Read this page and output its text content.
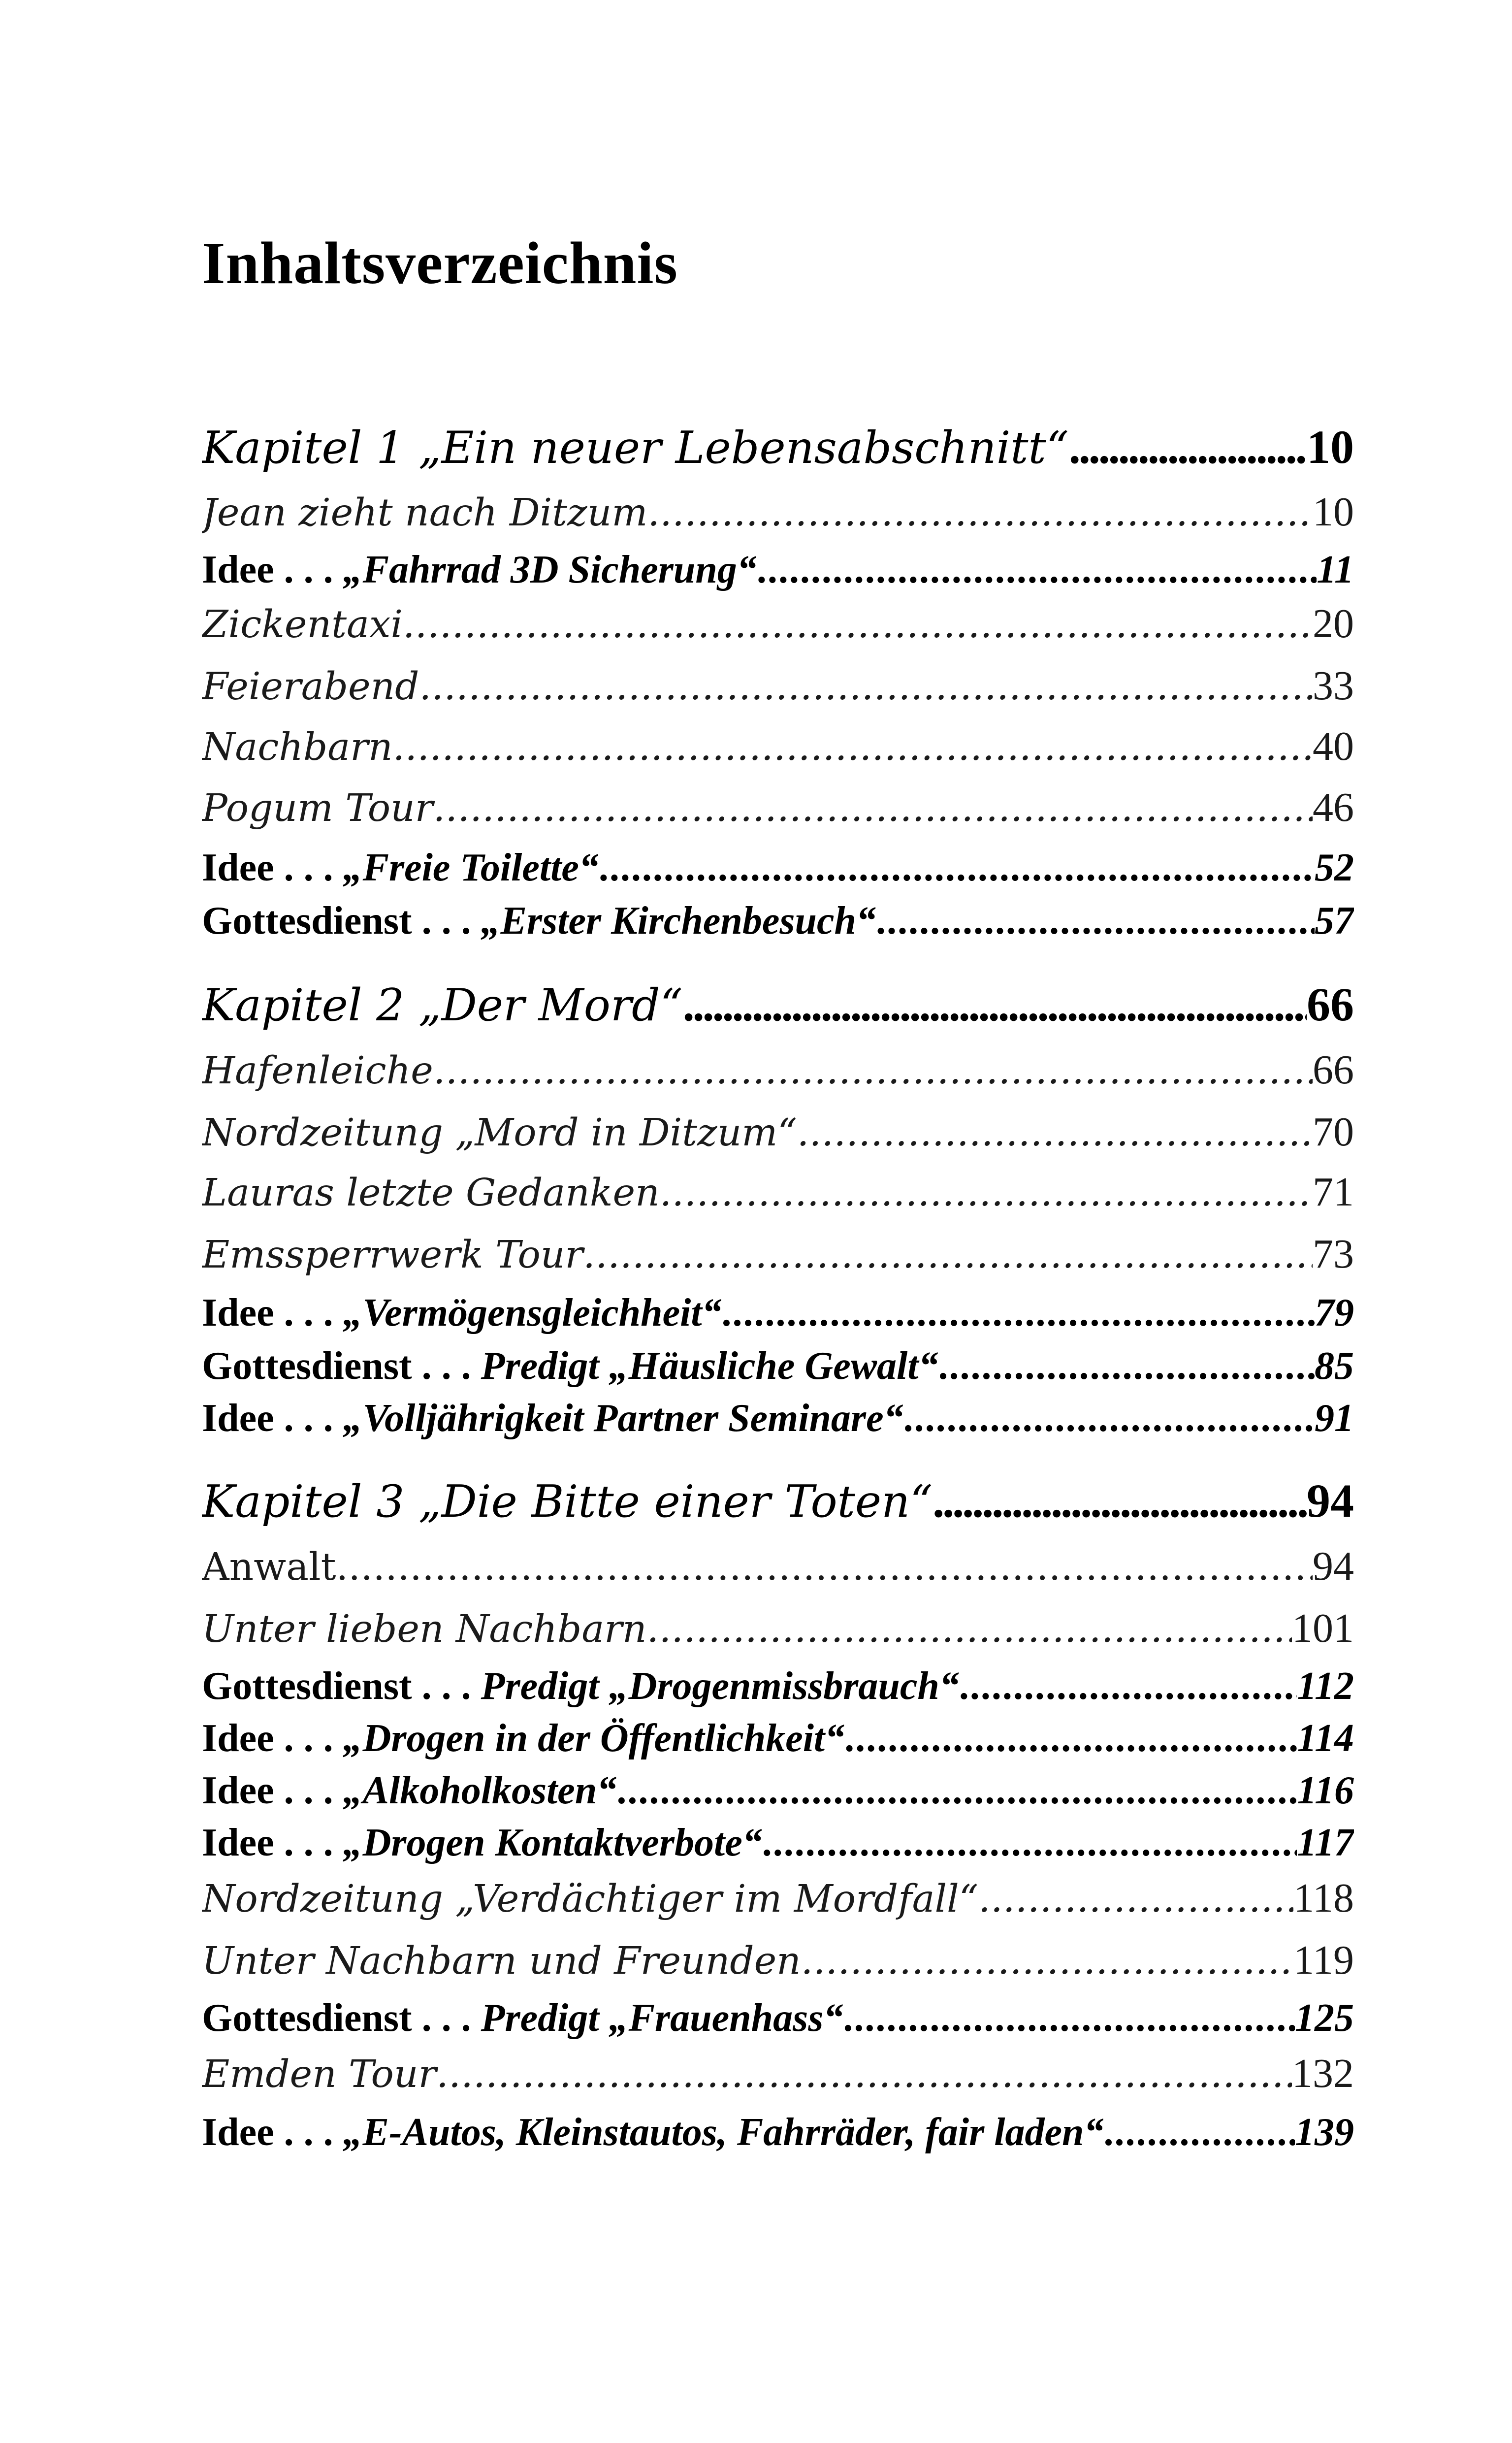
Inhaltsverzeichnis
Kapitel 1 „Ein neuer Lebensabschnitt“ . . .	10
Jean zieht nach Ditzum . . .	10
Idee . . . „Fahrrad 3D Sicherung“ . . .	11
Zickentaxi . . .	20
Feierabend . . .	33
Nachbarn . . .	40
Pogum Tour . . .	46
Idee . . . „Freie Toilette“ . . .	52
Gottesdienst . . . „Erster Kirchenbesuch“ . . .	57
Kapitel 2 „Der Mord“ . . .	66
Hafenleiche . . .	66
Nordzeitung „Mord in Ditzum“ . . .	70
Lauras letzte Gedanken . . .	71
Emssperrwerk Tour . . .	73
Idee . . . „Vermögensgleichheit“ . . .	79
Gottesdienst . . . Predigt „Häusliche Gewalt“ . . .	85
Idee . . . „Volljährigkeit Partner Seminare“ . . .	91
Kapitel 3 „Die Bitte einer Toten“ . . .	94
Anwalt . . .	94
Unter lieben Nachbarn . . .	101
Gottesdienst . . . Predigt „Drogenmissbrauch“ . . .	112
Idee . . . „Drogen in der Öffentlichkeit“ . . .	114
Idee . . . „Alkoholkosten“ . . .	116
Idee . . . „Drogen Kontaktverbote“ . . .	117
Nordzeitung „Verdächtiger im Mordfall“ . . .	118
Unter Nachbarn und Freunden . . .	119
Gottesdienst . . . Predigt „Frauenhass“ . . .	125
Emden Tour . . .	132
Idee . . . „E-Autos, Kleinstautos, Fahrräder, fair laden“ . . .	139
